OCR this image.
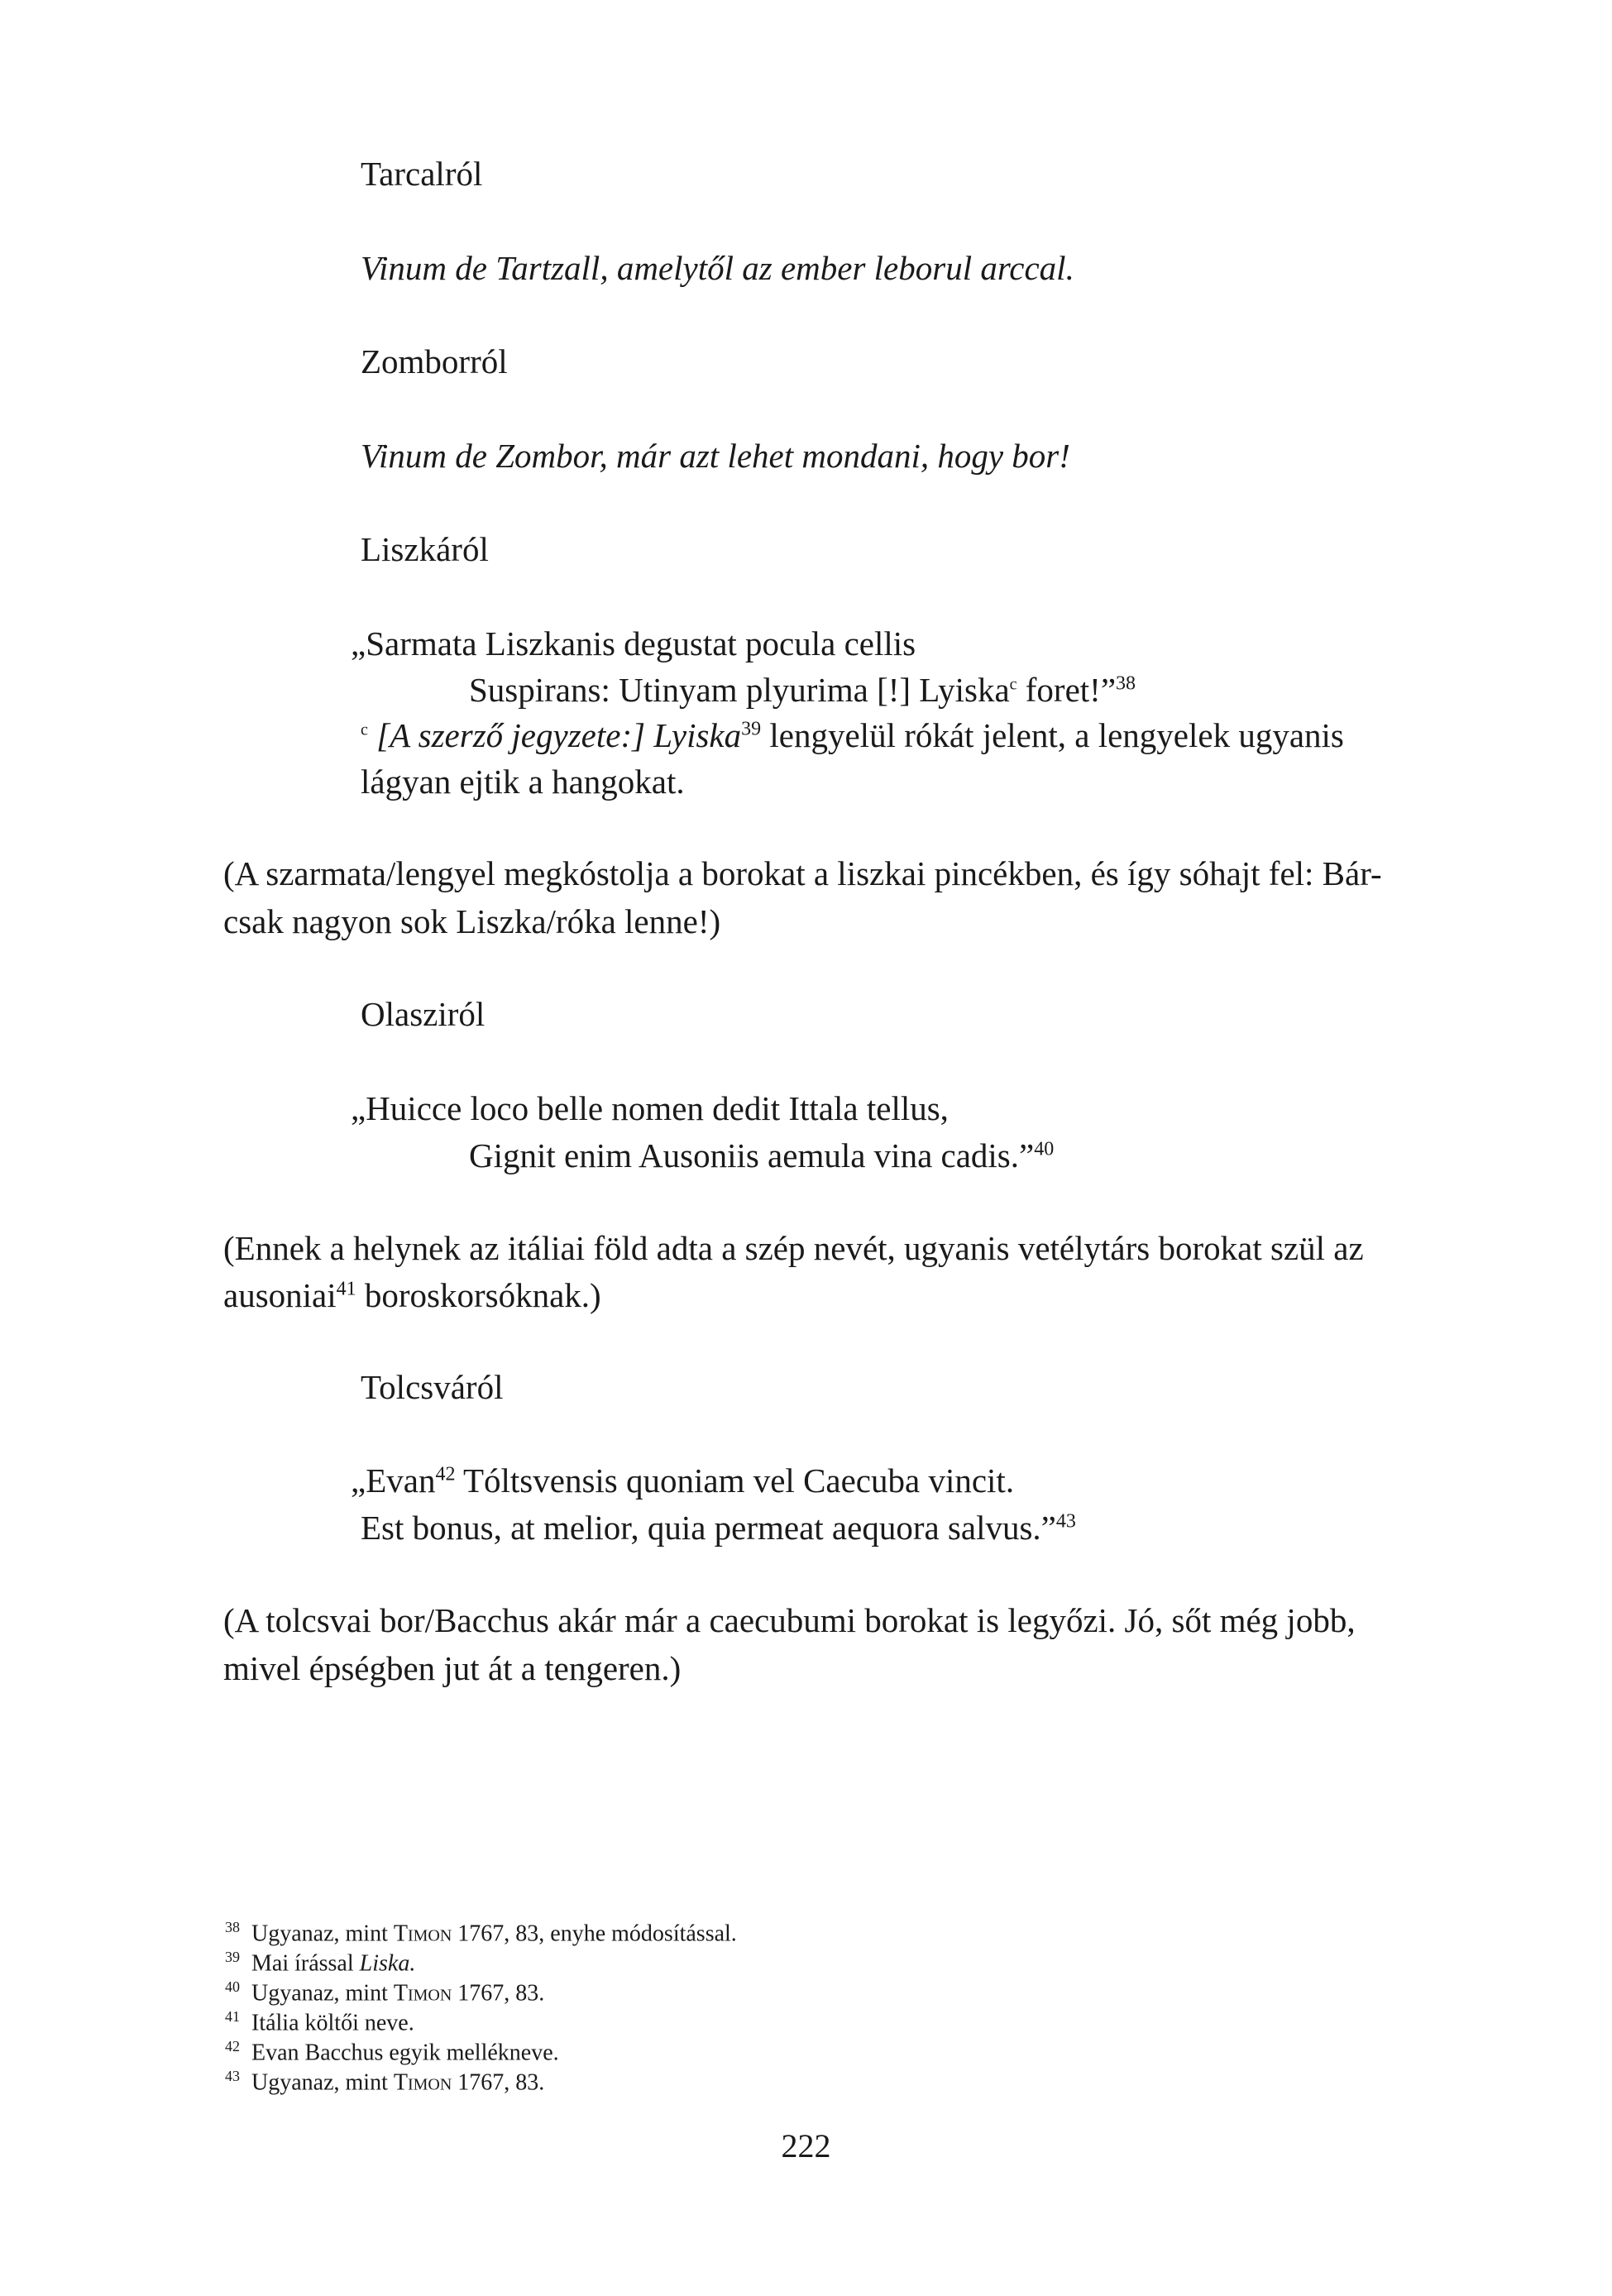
Tarcalról
Vinum de Tartzall, amelytől az ember leborul arccal.
Zomborról
Vinum de Zombor, már azt lehet mondani, hogy bor!
Liszkáról
„Sarmata Liszkanis degustat pocula cellis
Suspirans: Utinyam plyurima [!] Lyiska$^c$ foret!”$^{38}$
$^c$ [A szerző jegyzete:] Lyiska$^{39}$ lengyelül rókát jelent, a lengyelek ugyanis
lágyan ejtik a hangokat.
(A szarmata/lengyel megkóstolja a borokat a liszkai pincékben, és így sóhajt fel: Bár-
csak nagyon sok Liszka/róka lenne!)
Olasziról
„Huicce loco belle nomen dedit Ittala tellus,
Gignit enim Ausoniis aemula vina cadis.”$^{40}$
(Ennek a helynek az itáliai föld adta a szép nevét, ugyanis vetélytárs borokat szül az
ausoniai$^{41}$ boroskorsóknak.)
Tolcsváról
„Evan$^{42}$ Tóltsvensis quoniam vel Caecuba vincit.
Est bonus, at melior, quia permeat aequora salvus.”$^{43}$
(A tolcsvai bor/Bacchus akár már a caecubumi borokat is legyőzi. Jó, sőt még jobb,
mivel épségben jut át a tengeren.)
$^{38}$ Ugyanaz, mint Timon 1767, 83, enyhe módosítással.
$^{39}$ Mai írással Liska.
$^{40}$ Ugyanaz, mint Timon 1767, 83.
$^{41}$ Itália költői neve.
$^{42}$ Evan Bacchus egyik mellékneve.
$^{43}$ Ugyanaz, mint Timon 1767, 83.
222
